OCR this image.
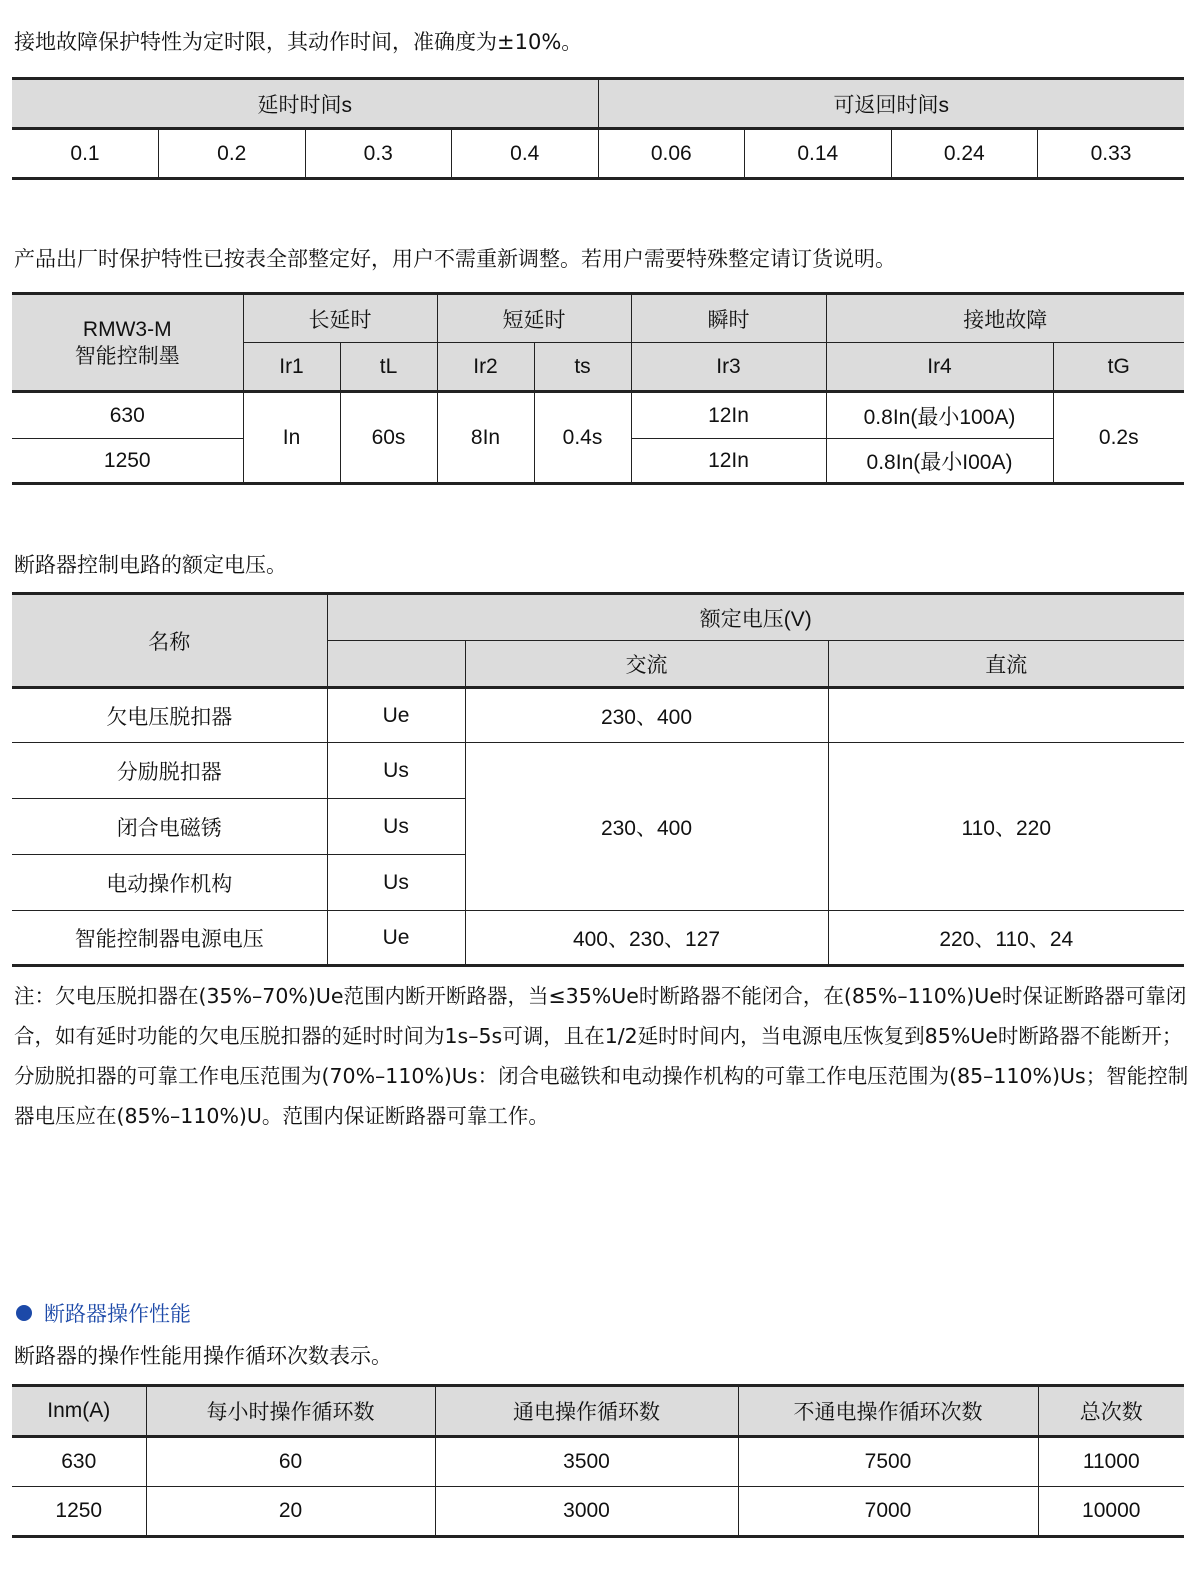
接地故障保护特性为定时限，其动作时间，准确度为±10%。
延时时间s				可返回时间s			
0.1	0.2	0.3	0.4	0.06	0.14	0.24	0.33
产品出厂时保护特性已按表全部整定好，用户不需重新调整。若用户需要特殊整定请订货说明。
RMW3-M
智能控制墨	长延时		短延时		瞬时	接地故障	
	Ir1	tL	Ir2	ts	Ir3	Ir4	tG
630	In	60s	8In	0.4s	12In	0.8In(最小100A)	0.2s
1250					12In	0.8In(最小I00A)	
断路器控制电路的额定电压。
名称	额定电压(V)		
		交流	直流
欠电压脱扣器	Ue	230、400	
分励脱扣器	Us	230、400	110、220
闭合电磁锈	Us		
电动操作机构	Us		
智能控制器电源电压	Ue	400、230、127	220、110、24
注：欠电压脱扣器在(35%–70%)Ue范围内断开断路器，当≤35%Ue时断路器不能闭合，在(85%–110%)Ue时保证断路器可靠闭合，如有延时功能的欠电压脱扣器的延时时间为1s–5s可调，且在1/2延时时间内，当电源电压恢复到85%Ue时断路器不能断开；分励脱扣器的可靠工作电压范围为(70%–110%)Us：闭合电磁铁和电动操作机构的可靠工作电压范围为(85–110%)Us；智能控制器电压应在(85%–110%)U。范围内保证断路器可靠工作。
断路器操作性能
断路器的操作性能用操作循环次数表示。
Inm(A)	每小时操作循环数	通电操作循环数	不通电操作循环次数	总次数
630	60	3500	7500	11000
1250	20	3000	7000	10000
